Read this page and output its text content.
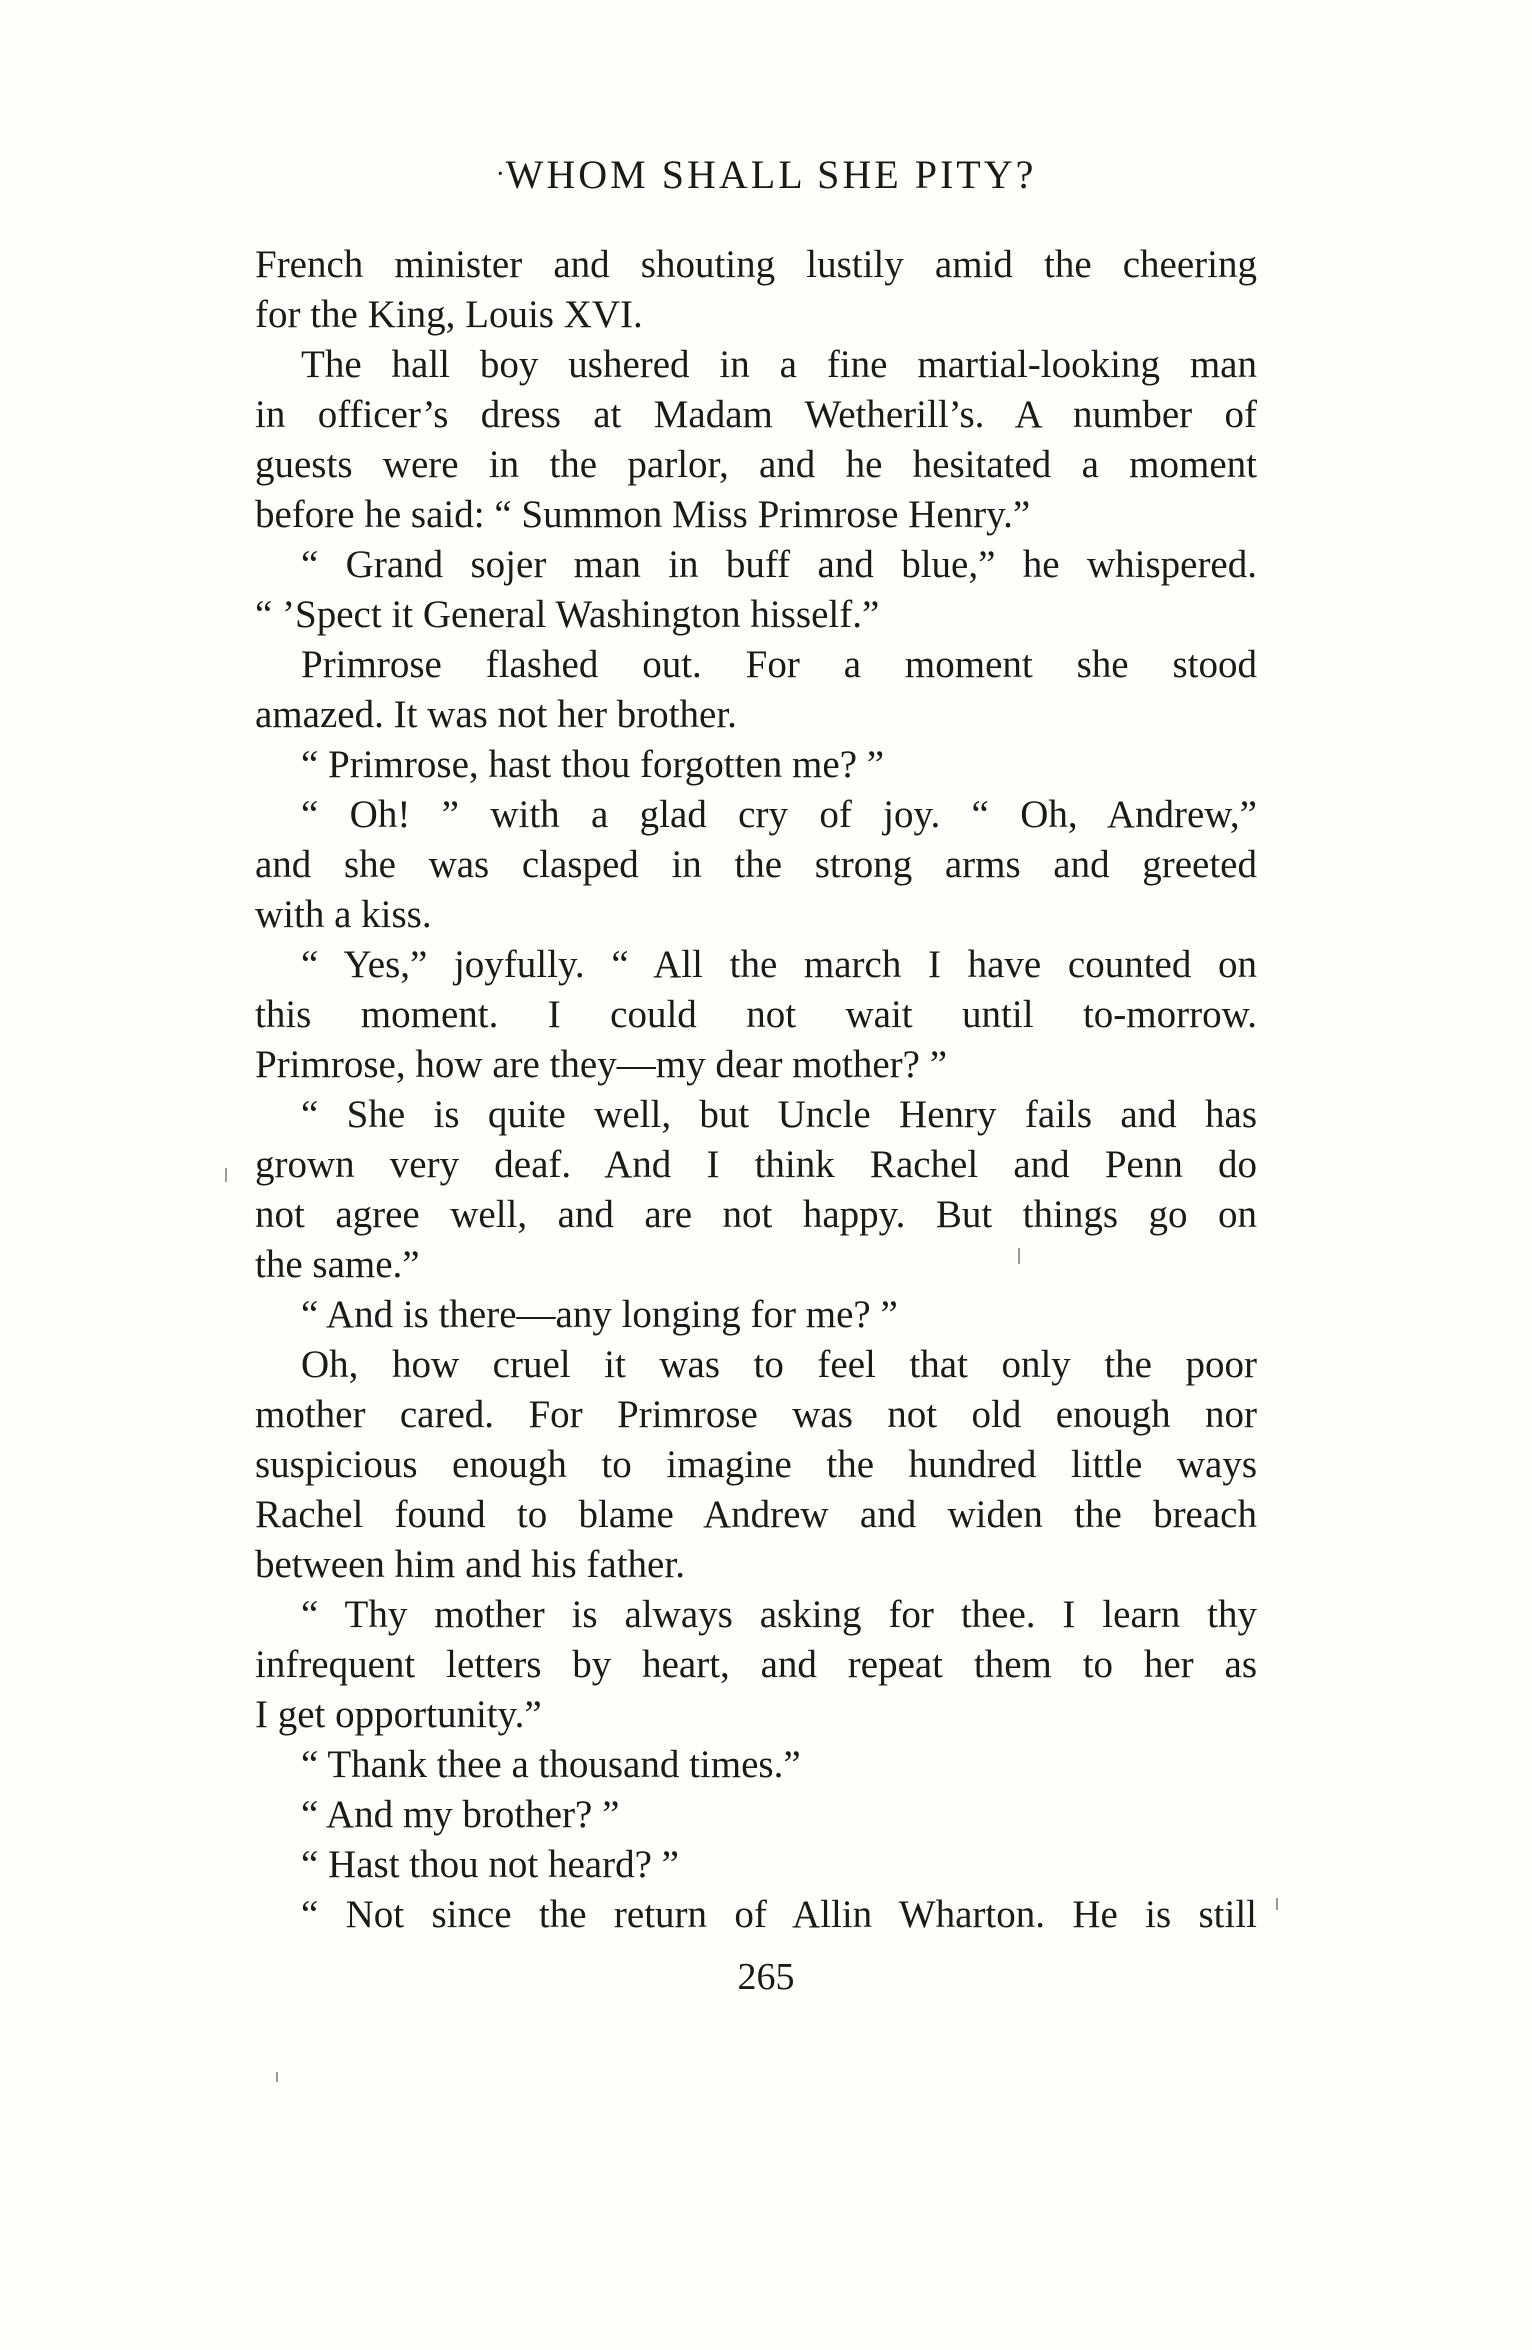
·WHOM SHALL SHE PITY?
French minister and shouting lustily amid the cheering
for the King, Louis XVI.
The hall boy ushered in a fine martial-looking man
in officer’s dress at Madam Wetherill’s. A number of
guests were in the parlor, and he hesitated a moment
before he said: “ Summon Miss Primrose Henry.”
“ Grand sojer man in buff and blue,” he whispered.
“ ’Spect it General Washington hisself.”
Primrose flashed out. For a moment she stood
amazed. It was not her brother.
“ Primrose, hast thou forgotten me? ”
“ Oh! ” with a glad cry of joy. “ Oh, Andrew,”
and she was clasped in the strong arms and greeted
with a kiss.
“ Yes,” joyfully. “ All the march I have counted on
this moment. I could not wait until to-morrow.
Primrose, how are they—my dear mother? ”
“ She is quite well, but Uncle Henry fails and has
grown very deaf. And I think Rachel and Penn do
not agree well, and are not happy. But things go on
the same.”
“ And is there—any longing for me? ”
Oh, how cruel it was to feel that only the poor
mother cared. For Primrose was not old enough nor
suspicious enough to imagine the hundred little ways
Rachel found to blame Andrew and widen the breach
between him and his father.
“ Thy mother is always asking for thee. I learn thy
infrequent letters by heart, and repeat them to her as
I get opportunity.”
“ Thank thee a thousand times.”
“ And my brother? ”
“ Hast thou not heard? ”
“ Not since the return of Allin Wharton. He is still
265
